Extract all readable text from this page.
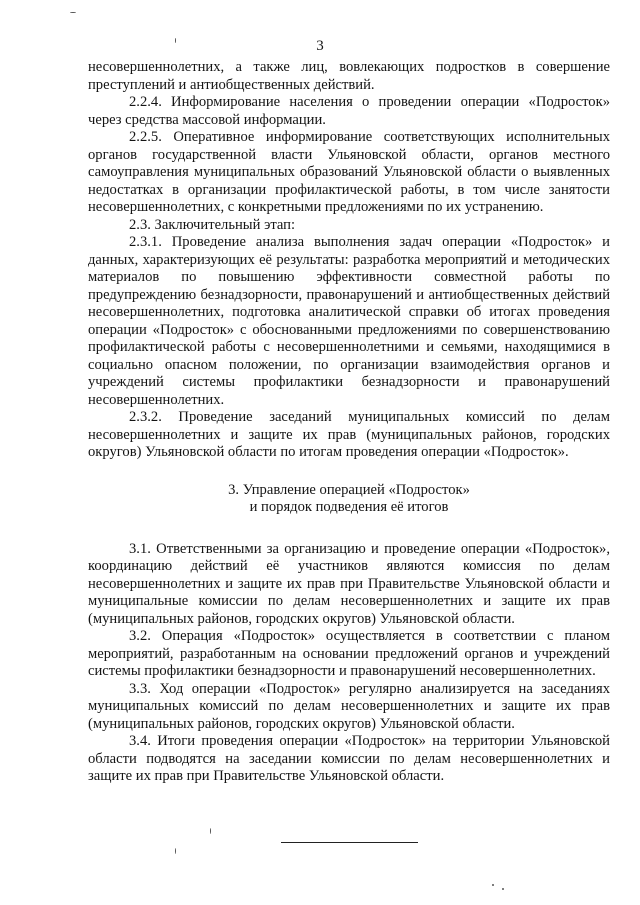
3

несовершеннолетних, а также лиц, вовлекающих подростков в совершение преступлений и антиобщественных действий.

2.2.4. Информирование населения о проведении операции «Подросток» через средства массовой информации.

2.2.5. Оперативное информирование соответствующих исполнительных органов государственной власти Ульяновской области, органов местного самоуправления муниципальных образований Ульяновской области о выявленных недостатках в организации профилактической работы, в том числе занятости несовершеннолетних, с конкретными предложениями по их устранению.

2.3. Заключительный этап:

2.3.1. Проведение анализа выполнения задач операции «Подросток» и данных, характеризующих её результаты: разработка мероприятий и методических материалов по повышению эффективности совместной работы по предупреждению безнадзорности, правонарушений и антиобщественных действий несовершеннолетних, подготовка аналитической справки об итогах проведения операции «Подросток» с обоснованными предложениями по совершенствованию профилактической работы с несовершеннолетними и семьями, находящимися в социально опасном положении, по организации взаимодействия органов и учреждений системы профилактики безнадзорности и правонарушений несовершеннолетних.

2.3.2. Проведение заседаний муниципальных комиссий по делам несовершеннолетних и защите их прав (муниципальных районов, городских округов) Ульяновской области по итогам проведения операции «Подросток».

3. Управление операцией «Подросток»
и порядок подведения её итогов

3.1. Ответственными за организацию и проведение операции «Подросток», координацию действий её участников являются комиссия по делам несовершеннолетних и защите их прав при Правительстве Ульяновской области и муниципальные комиссии по делам несовершеннолетних и защите их прав (муниципальных районов, городских округов) Ульяновской области.

3.2. Операция «Подросток» осуществляется в соответствии с планом мероприятий, разработанным на основании предложений органов и учреждений системы профилактики безнадзорности и правонарушений несовершеннолетних.

3.3. Ход операции «Подросток» регулярно анализируется на заседаниях муниципальных комиссий по делам несовершеннолетних и защите их прав (муниципальных районов, городских округов) Ульяновской области.

3.4. Итоги проведения операции «Подросток» на территории Ульяновской области подводятся на заседании комиссии по делам несовершеннолетних и защите их прав при Правительстве Ульяновской области.
